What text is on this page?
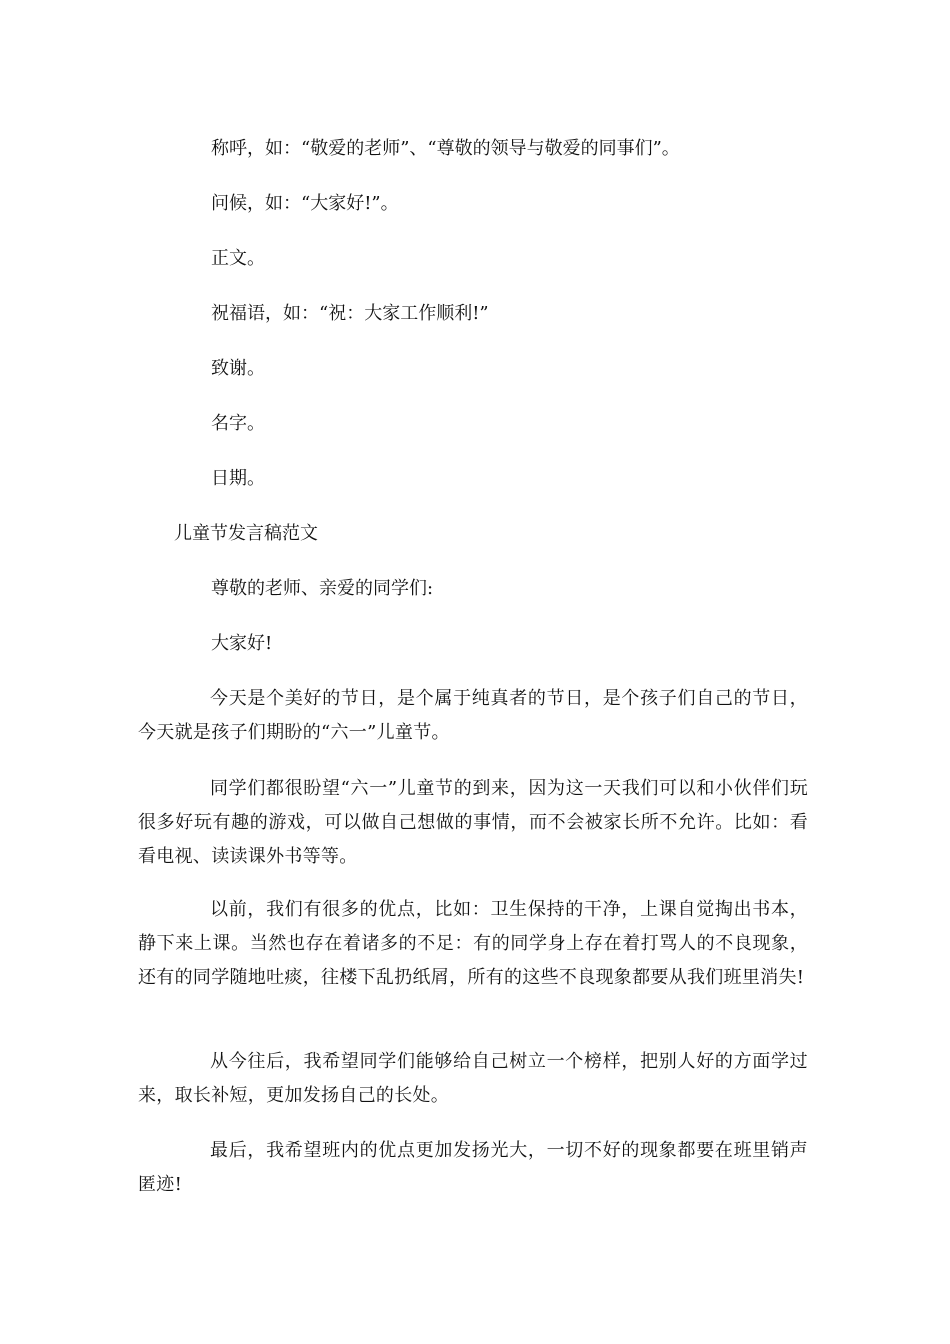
称呼，如：“敬爱的老师”、“尊敬的领导与敬爱的同事们”。

问候，如：“大家好!”。

正文。

祝福语，如：“祝：大家工作顺利!”

致谢。

名字。

日期。

儿童节发言稿范文

尊敬的老师、亲爱的同学们:

大家好!

今天是个美好的节日，是个属于纯真者的节日，是个孩子们自己的节日，今天就是孩子们期盼的“六一”儿童节。

同学们都很盼望“六一”儿童节的到来，因为这一天我们可以和小伙伴们玩很多好玩有趣的游戏，可以做自己想做的事情，而不会被家长所不允许。比如：看看电视、读读课外书等等。

以前，我们有很多的优点，比如：卫生保持的干净，上课自觉掏出书本，静下来上课。当然也存在着诸多的不足：有的同学身上存在着打骂人的不良现象，还有的同学随地吐痰，往楼下乱扔纸屑，所有的这些不良现象都要从我们班里消失!

从今往后，我希望同学们能够给自己树立一个榜样，把别人好的方面学过来，取长补短，更加发扬自己的长处。

最后，我希望班内的优点更加发扬光大，一切不好的现象都要在班里销声匿迹!
